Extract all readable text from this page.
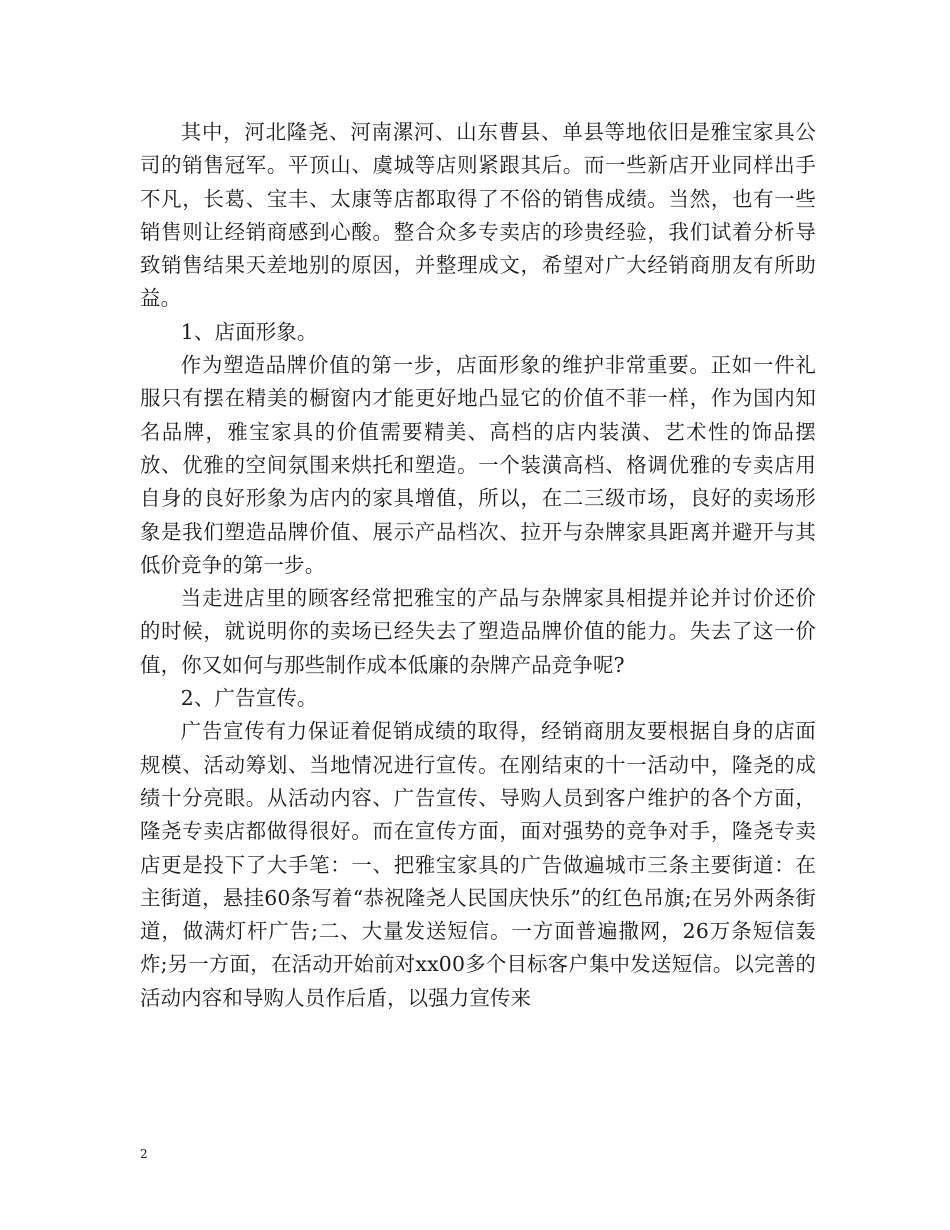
其中，河北隆尧、河南漯河、山东曹县、单县等地依旧是雅宝家具公司的销售冠军。平顶山、虞城等店则紧跟其后。而一些新店开业同样出手不凡，长葛、宝丰、太康等店都取得了不俗的销售成绩。当然，也有一些销售则让经销商感到心酸。整合众多专卖店的珍贵经验，我们试着分析导致销售结果天差地别的原因，并整理成文，希望对广大经销商朋友有所助益。

1、店面形象。

作为塑造品牌价值的第一步，店面形象的维护非常重要。正如一件礼服只有摆在精美的橱窗内才能更好地凸显它的价值不菲一样，作为国内知名品牌，雅宝家具的价值需要精美、高档的店内装潢、艺术性的饰品摆放、优雅的空间氛围来烘托和塑造。一个装潢高档、格调优雅的专卖店用自身的良好形象为店内的家具增值，所以，在二三级市场，良好的卖场形象是我们塑造品牌价值、展示产品档次、拉开与杂牌家具距离并避开与其低价竞争的第一步。

当走进店里的顾客经常把雅宝的产品与杂牌家具相提并论并讨价还价的时候，就说明你的卖场已经失去了塑造品牌价值的能力。失去了这一价值，你又如何与那些制作成本低廉的杂牌产品竞争呢?

2、广告宣传。

广告宣传有力保证着促销成绩的取得，经销商朋友要根据自身的店面规模、活动筹划、当地情况进行宣传。在刚结束的十一活动中，隆尧的成绩十分亮眼。从活动内容、广告宣传、导购人员到客户维护的各个方面，隆尧专卖店都做得很好。而在宣传方面，面对强势的竞争对手，隆尧专卖店更是投下了大手笔：一、把雅宝家具的广告做遍城市三条主要街道：在主街道，悬挂60条写着“恭祝隆尧人民国庆快乐”的红色吊旗;在另外两条街道，做满灯杆广告;二、大量发送短信。一方面普遍撒网，26万条短信轰炸;另一方面，在活动开始前对xx00多个目标客户集中发送短信。以完善的活动内容和导购人员作后盾，以强力宣传来

2
